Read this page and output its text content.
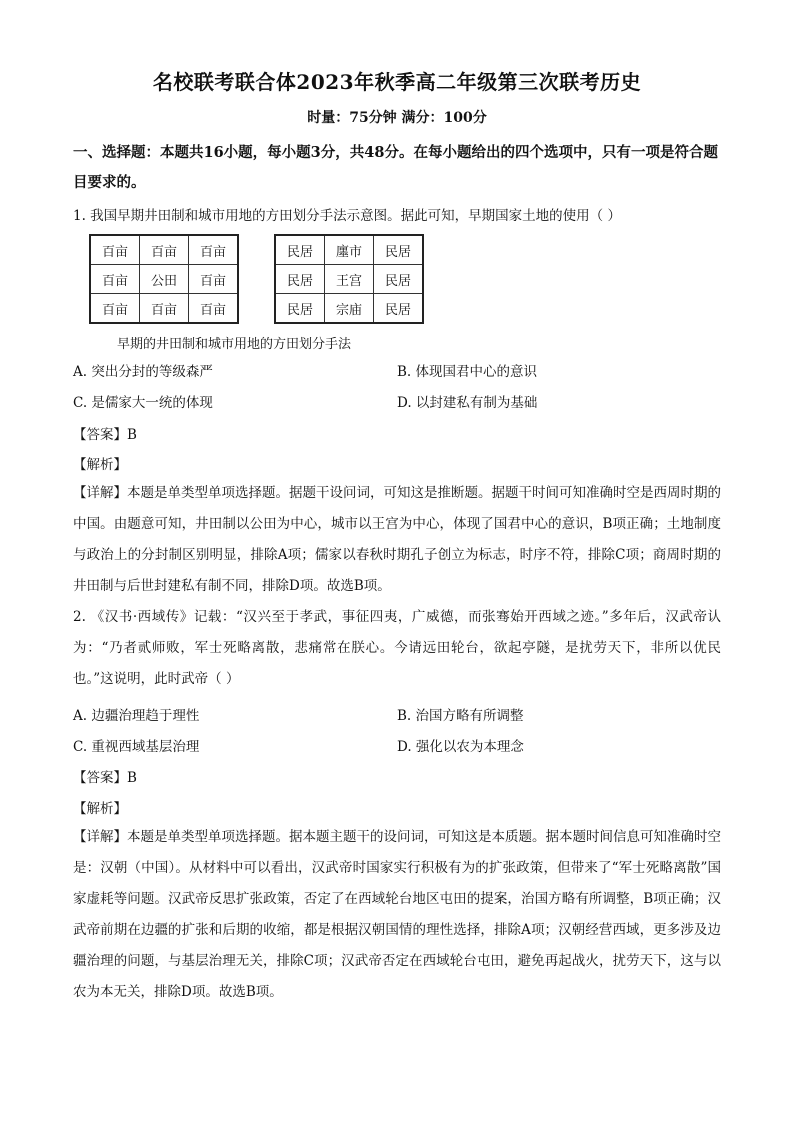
名校联考联合体2023年秋季高二年级第三次联考历史
时量：75分钟 满分：100分
一、选择题：本题共16小题，每小题3分，共48分。在每小题给出的四个选项中，只有一项是符合题目要求的。
1. 我国早期井田制和城市用地的方田划分手法示意图。据此可知，早期国家土地的使用（ ）
百亩	百亩	百亩
百亩	公田	百亩
百亩	百亩	百亩
民居	廛市	民居
民居	王宫	民居
民居	宗庙	民居
早期的井田制和城市用地的方田划分手法
A. 突出分封的等级森严	B. 体现国君中心的意识
C. 是儒家大一统的体现	D. 以封建私有制为基础
【答案】B
【解析】
【详解】本题是单类型单项选择题。据题干设问词，可知这是推断题。据题干时间可知准确时空是西周时期的中国。由题意可知，井田制以公田为中心，城市以王宫为中心，体现了国君中心的意识，B项正确；土地制度与政治上的分封制区别明显，排除A项；儒家以春秋时期孔子创立为标志，时序不符，排除C项；商周时期的井田制与后世封建私有制不同，排除D项。故选B项。
2. 《汉书·西域传》记载：“汉兴至于孝武，事征四夷，广威德，而张骞始开西域之迹。”多年后，汉武帝认为：“乃者贰师败，军士死略离散，悲痛常在朕心。今请远田轮台，欲起亭隧，是扰劳天下，非所以优民也。”这说明，此时武帝（ ）
A. 边疆治理趋于理性	B. 治国方略有所调整
C. 重视西域基层治理	D. 强化以农为本理念
【答案】B
【解析】
【详解】本题是单类型单项选择题。据本题主题干的设问词，可知这是本质题。据本题时间信息可知准确时空是：汉朝（中国）。从材料中可以看出，汉武帝时国家实行积极有为的扩张政策，但带来了“军士死略离散”国家虚耗等问题。汉武帝反思扩张政策，否定了在西域轮台地区屯田的提案，治国方略有所调整，B项正确；汉武帝前期在边疆的扩张和后期的收缩，都是根据汉朝国情的理性选择，排除A项；汉朝经营西域，更多涉及边疆治理的问题，与基层治理无关，排除C项；汉武帝否定在西域轮台屯田，避免再起战火，扰劳天下，这与以农为本无关，排除D项。故选B项。
